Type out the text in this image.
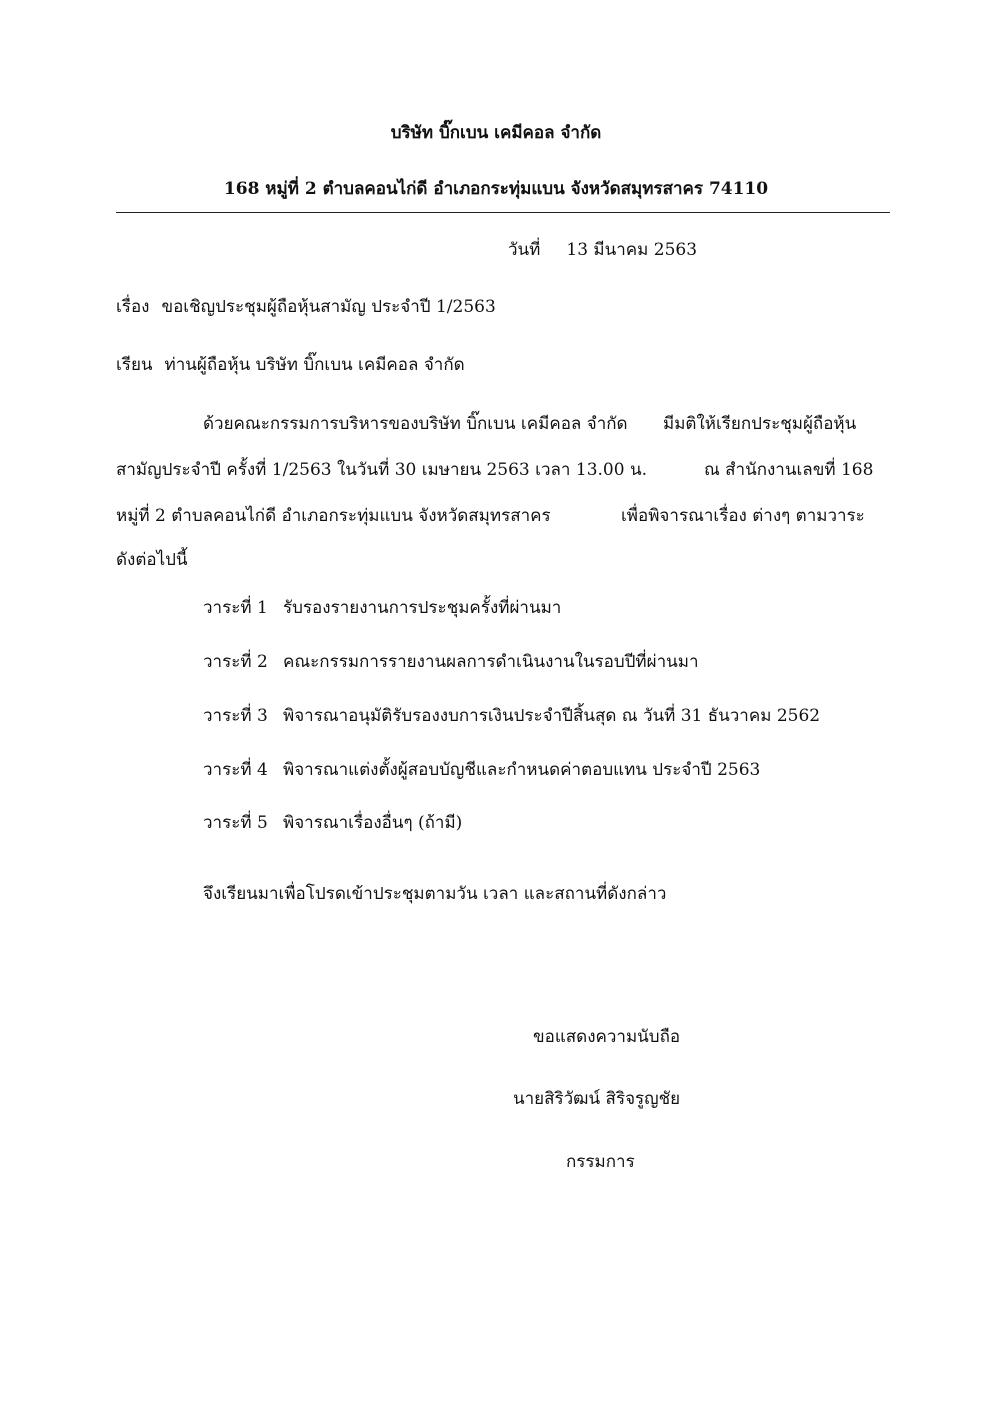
บริษัท บิ๊กเบน เคมีคอล จำกัด
168 หมู่ที่ 2 ตำบลคอนไก่ดี อำเภอกระทุ่มแบน จังหวัดสมุทรสาคร 74110
วันที่ 13 มีนาคม 2563
เรื่อง ขอเชิญประชุมผู้ถือหุ้นสามัญ ประจำปี 1/2563
เรียน ท่านผู้ถือหุ้น บริษัท บิ๊กเบน เคมีคอล จำกัด
ด้วยคณะกรรมการบริหารของบริษัท บิ๊กเบน เคมีคอล จำกัด มีมติให้เรียกประชุมผู้ถือหุ้น
สามัญประจำปี ครั้งที่ 1/2563 ในวันที่ 30 เมษายน 2563 เวลา 13.00 น.	ณ สำนักงานเลขที่ 168
หมู่ที่ 2 ตำบลคอนไก่ดี อำเภอกระทุ่มแบน จังหวัดสมุทรสาคร	เพื่อพิจารณาเรื่อง ต่างๆ ตามวาระ
ดังต่อไปนี้
วาระที่ 1 รับรองรายงานการประชุมครั้งที่ผ่านมา
วาระที่ 2 คณะกรรมการรายงานผลการดำเนินงานในรอบปีที่ผ่านมา
วาระที่ 3 พิจารณาอนุมัติรับรองงบการเงินประจำปีสิ้นสุด ณ วันที่ 31 ธันวาคม 2562
วาระที่ 4 พิจารณาแต่งตั้งผู้สอบบัญชีและกำหนดค่าตอบแทน ประจำปี 2563
วาระที่ 5 พิจารณาเรื่องอื่นๆ (ถ้ามี)
จึงเรียนมาเพื่อโปรดเข้าประชุมตามวัน เวลา และสถานที่ดังกล่าว
ขอแสดงความนับถือ
นายสิริวัฒน์ สิริจรูญชัย
กรรมการ
